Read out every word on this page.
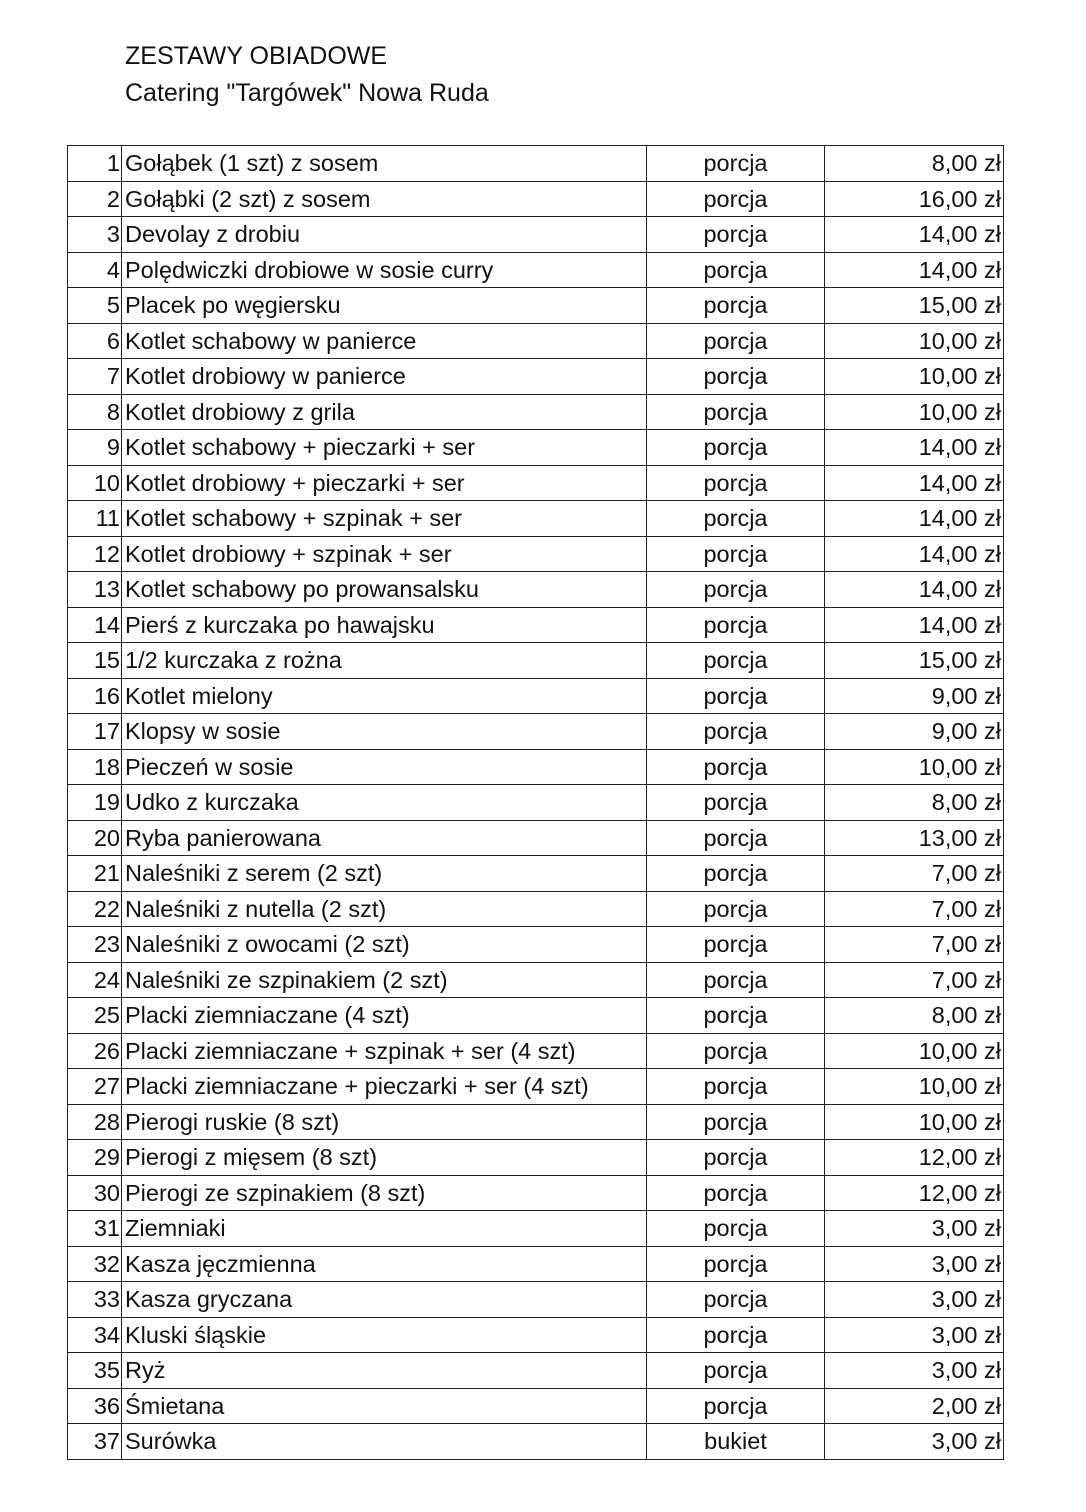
ZESTAWY OBIADOWE
Catering "Targówek" Nowa Ruda
1	Gołąbek (1 szt) z sosem	porcja	8,00 zł
2	Gołąbki (2 szt) z sosem	porcja	16,00 zł
3	Devolay z drobiu	porcja	14,00 zł
4	Polędwiczki drobiowe w sosie curry	porcja	14,00 zł
5	Placek po węgiersku	porcja	15,00 zł
6	Kotlet schabowy w panierce	porcja	10,00 zł
7	Kotlet drobiowy w panierce	porcja	10,00 zł
8	Kotlet drobiowy z grila	porcja	10,00 zł
9	Kotlet schabowy + pieczarki + ser	porcja	14,00 zł
10	Kotlet drobiowy + pieczarki + ser	porcja	14,00 zł
11	Kotlet schabowy + szpinak + ser	porcja	14,00 zł
12	Kotlet drobiowy + szpinak + ser	porcja	14,00 zł
13	Kotlet schabowy po prowansalsku	porcja	14,00 zł
14	Pierś z kurczaka po hawajsku	porcja	14,00 zł
15	1/2 kurczaka z rożna	porcja	15,00 zł
16	Kotlet mielony	porcja	9,00 zł
17	Klopsy w sosie	porcja	9,00 zł
18	Pieczeń w sosie	porcja	10,00 zł
19	Udko z kurczaka	porcja	8,00 zł
20	Ryba panierowana	porcja	13,00 zł
21	Naleśniki z serem (2 szt)	porcja	7,00 zł
22	Naleśniki z nutella (2 szt)	porcja	7,00 zł
23	Naleśniki z owocami (2 szt)	porcja	7,00 zł
24	Naleśniki ze szpinakiem (2 szt)	porcja	7,00 zł
25	Placki ziemniaczane (4 szt)	porcja	8,00 zł
26	Placki ziemniaczane + szpinak + ser (4 szt)	porcja	10,00 zł
27	Placki ziemniaczane + pieczarki + ser (4 szt)	porcja	10,00 zł
28	Pierogi ruskie (8 szt)	porcja	10,00 zł
29	Pierogi z mięsem (8 szt)	porcja	12,00 zł
30	Pierogi ze szpinakiem (8 szt)	porcja	12,00 zł
31	Ziemniaki	porcja	3,00 zł
32	Kasza jęczmienna	porcja	3,00 zł
33	Kasza gryczana	porcja	3,00 zł
34	Kluski śląskie	porcja	3,00 zł
35	Ryż	porcja	3,00 zł
36	Śmietana	porcja	2,00 zł
37	Surówka	bukiet	3,00 zł
